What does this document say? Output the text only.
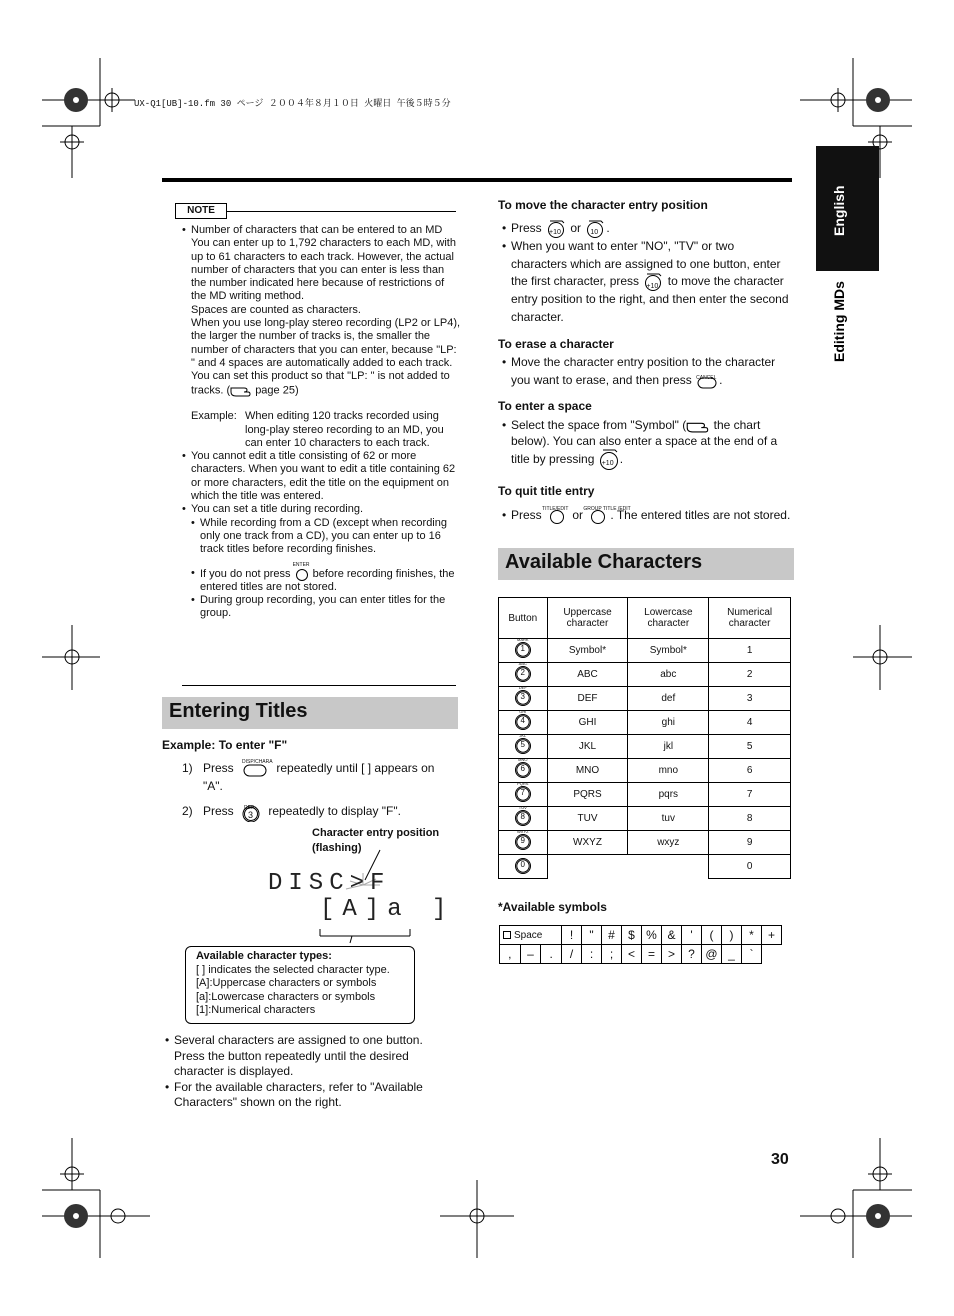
UX-Q1[UB]-10.fm 30 ページ ２００４年８月１０日 火曜日 午後５時５分
English
Editing MDs
NOTE
• Number of characters that can be entered to an MD
You can enter up to 1,792 characters to each MD, with up to 61 characters to each track. However, the actual number of characters that you can enter is less than the number indicated here because of restrictions of the MD writing method.
Spaces are counted as characters.
When you use long-play stereo recording (LP2 or LP4), the larger the number of tracks is, the smaller the number of characters that you can enter, because "LP: " and 4 spaces are automatically added to each track.
You can set this product so that "LP: " is not added to tracks. ( page 25)
Example: When editing 120 tracks recorded using long-play stereo recording to an MD, you can enter 10 characters to each track.
• You cannot edit a title consisting of 62 or more characters. When you want to edit a title containing 62 or more characters, edit the title on the equipment on which the title was entered.
• You can set a title during recording.
• While recording from a CD (except when recording only one track from a CD), you can enter up to 16 track titles before recording finishes.
• If you do not press
ENTER
before recording finishes, the entered titles are not stored.
• During group recording, you can enter titles for the group.
Entering Titles
Example: To enter "F"
1) Press DISP/CHARA repeatedly until [ ] appears on "A".
2) Press DEF
3 repeatedly to display "F".
Character entry position (flashing)
DISC>F
[A]a ]
Available character types:
[ ] indicates the selected character type.
[A]:Uppercase characters or symbols
[a]:Lowercase characters or symbols
[1]:Numerical characters
• Several characters are assigned to one button. Press the button repeatedly until the desired character is displayed.
• For the available characters, refer to "Available Characters" shown on the right.
To move the character entry position
• Press +10 or 10 .
• When you want to enter "NO", "TV" or two characters which are assigned to one button, enter the first character, press +10 to move the character entry position to the right, and then enter the second character.
To erase a character
• Move the character entry position to the character you want to erase, and then press CANCEL .
To enter a space
• Select the space from "Symbol" ( the chart below). You can also enter a space at the end of a title by pressing +10 .
To quit title entry
• Press TITLE/EDIT or GROUP TITLE /EDIT
. The entered titles are not stored.
Available Characters
Button	Uppercase character	Lowercase character	Numerical character

MARK
1	Symbol*	Symbol*	1

ABC
2	ABC	abc	2

DEF
3	DEF	def	3

GHI
4	GHI	ghi	4

JKL
5	JKL	jkl	5

MNO
6	MNO	mno	6

PQRS
7	PQRS	pqrs	7

TUV
8	TUV	tuv	8

WXYZ
9	WXYZ	wxyz	9

0			0
*Available symbols
Space			!	"	#	$	%	&	'	(	)	*	+
,	–	.	/	:	;	<	=	>	?	@	_	`	
30
